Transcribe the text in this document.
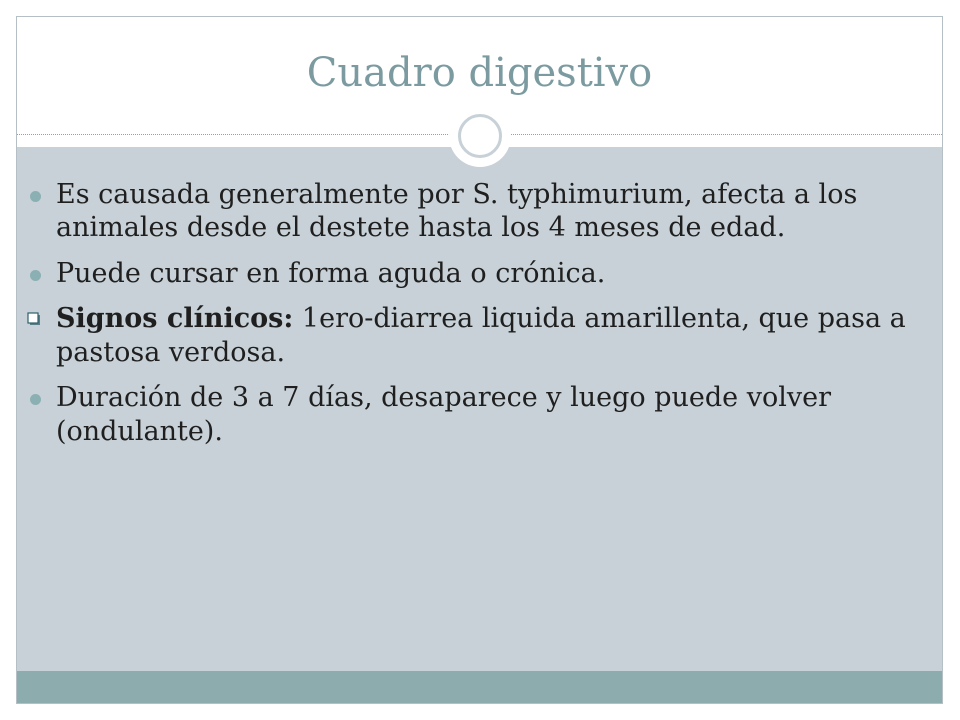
Cuadro digestivo
Es causada generalmente por S. typhimurium, afecta a los animales desde el destete hasta los 4 meses de edad.
Puede cursar en forma aguda o crónica.
Signos clínicos: 1ero-diarrea liquida amarillenta, que pasa a pastosa verdosa.
Duración de 3 a 7 días, desaparece y luego puede volver (ondulante).
